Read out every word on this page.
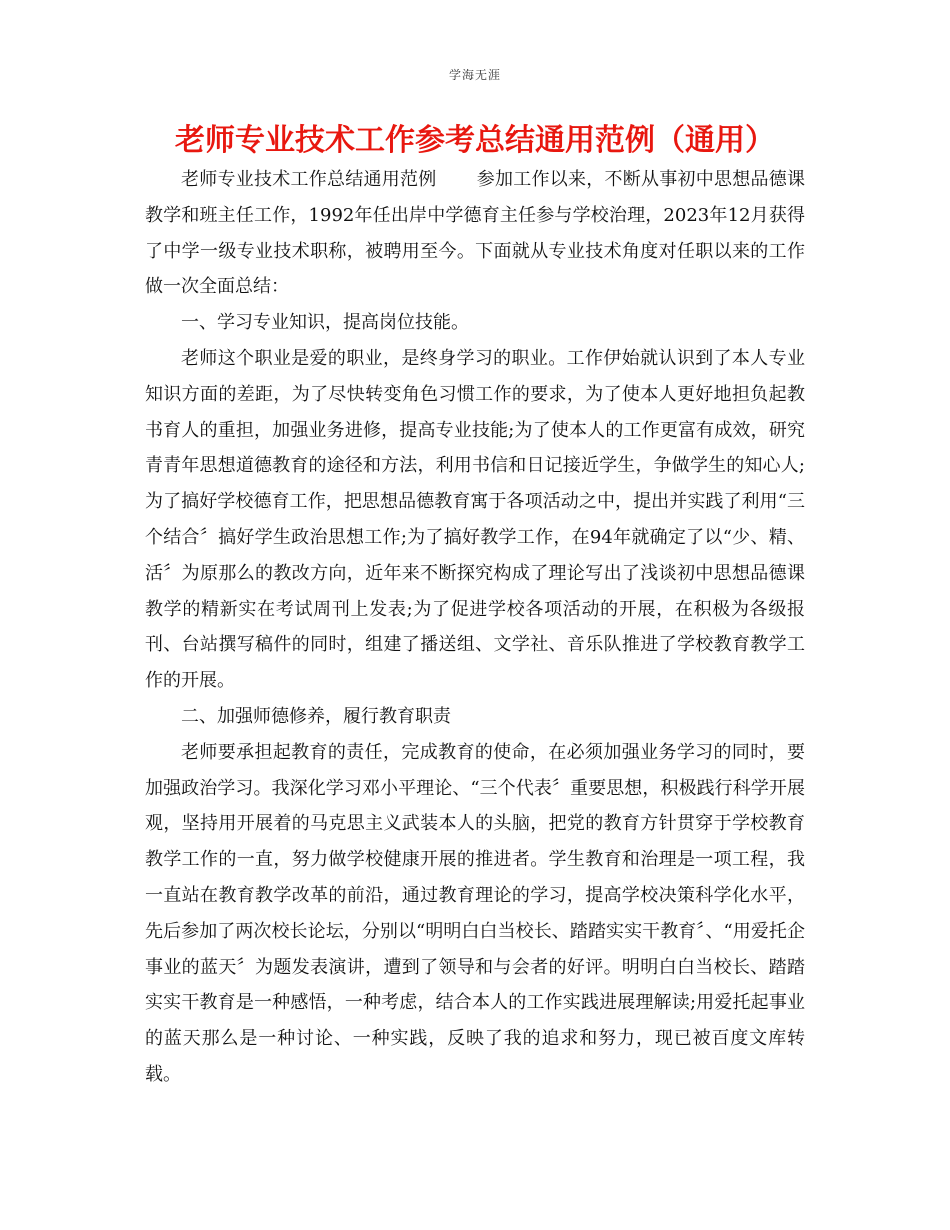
学海无涯
老师专业技术工作参考总结通用范例（通用）

老师专业技术工作总结通用范例 参加工作以来，不断从事初中思想品德课教学和班主任工作，1992年任出岸中学德育主任参与学校治理，2023年12月获得了中学一级专业技术职称，被聘用至今。下面就从专业技术角度对任职以来的工作做一次全面总结：

一、学习专业知识，提高岗位技能。

老师这个职业是爱的职业，是终身学习的职业。工作伊始就认识到了本人专业知识方面的差距，为了尽快转变角色习惯工作的要求，为了使本人更好地担负起教书育人的重担，加强业务进修，提高专业技能;为了使本人的工作更富有成效，研究青青年思想道德教育的途径和方法，利用书信和日记接近学生，争做学生的知心人;为了搞好学校德育工作，把思想品德教育寓于各项活动之中，提出并实践了利用“三个结合〞搞好学生政治思想工作;为了搞好教学工作，在94年就确定了以“少、精、活〞为原那么的教改方向，近年来不断探究构成了理论写出了浅谈初中思想品德课教学的精新实在考试周刊上发表;为了促进学校各项活动的开展，在积极为各级报刊、台站撰写稿件的同时，组建了播送组、文学社、音乐队推进了学校教育教学工作的开展。

二、加强师德修养，履行教育职责

老师要承担起教育的责任，完成教育的使命，在必须加强业务学习的同时，要加强政治学习。我深化学习邓小平理论、“三个代表〞重要思想，积极践行科学开展观，坚持用开展着的马克思主义武装本人的头脑，把党的教育方针贯穿于学校教育教学工作的一直，努力做学校健康开展的推进者。学生教育和治理是一项工程，我一直站在教育教学改革的前沿，通过教育理论的学习，提高学校决策科学化水平，先后参加了两次校长论坛，分别以“明明白白当校长、踏踏实实干教育〞、“用爱托企事业的蓝天〞为题发表演讲，遭到了领导和与会者的好评。明明白白当校长、踏踏实实干教育是一种感悟，一种考虑，结合本人的工作实践进展理解读;用爱托起事业的蓝天那么是一种讨论、一种实践，反映了我的追求和努力，现已被百度文库转载。
